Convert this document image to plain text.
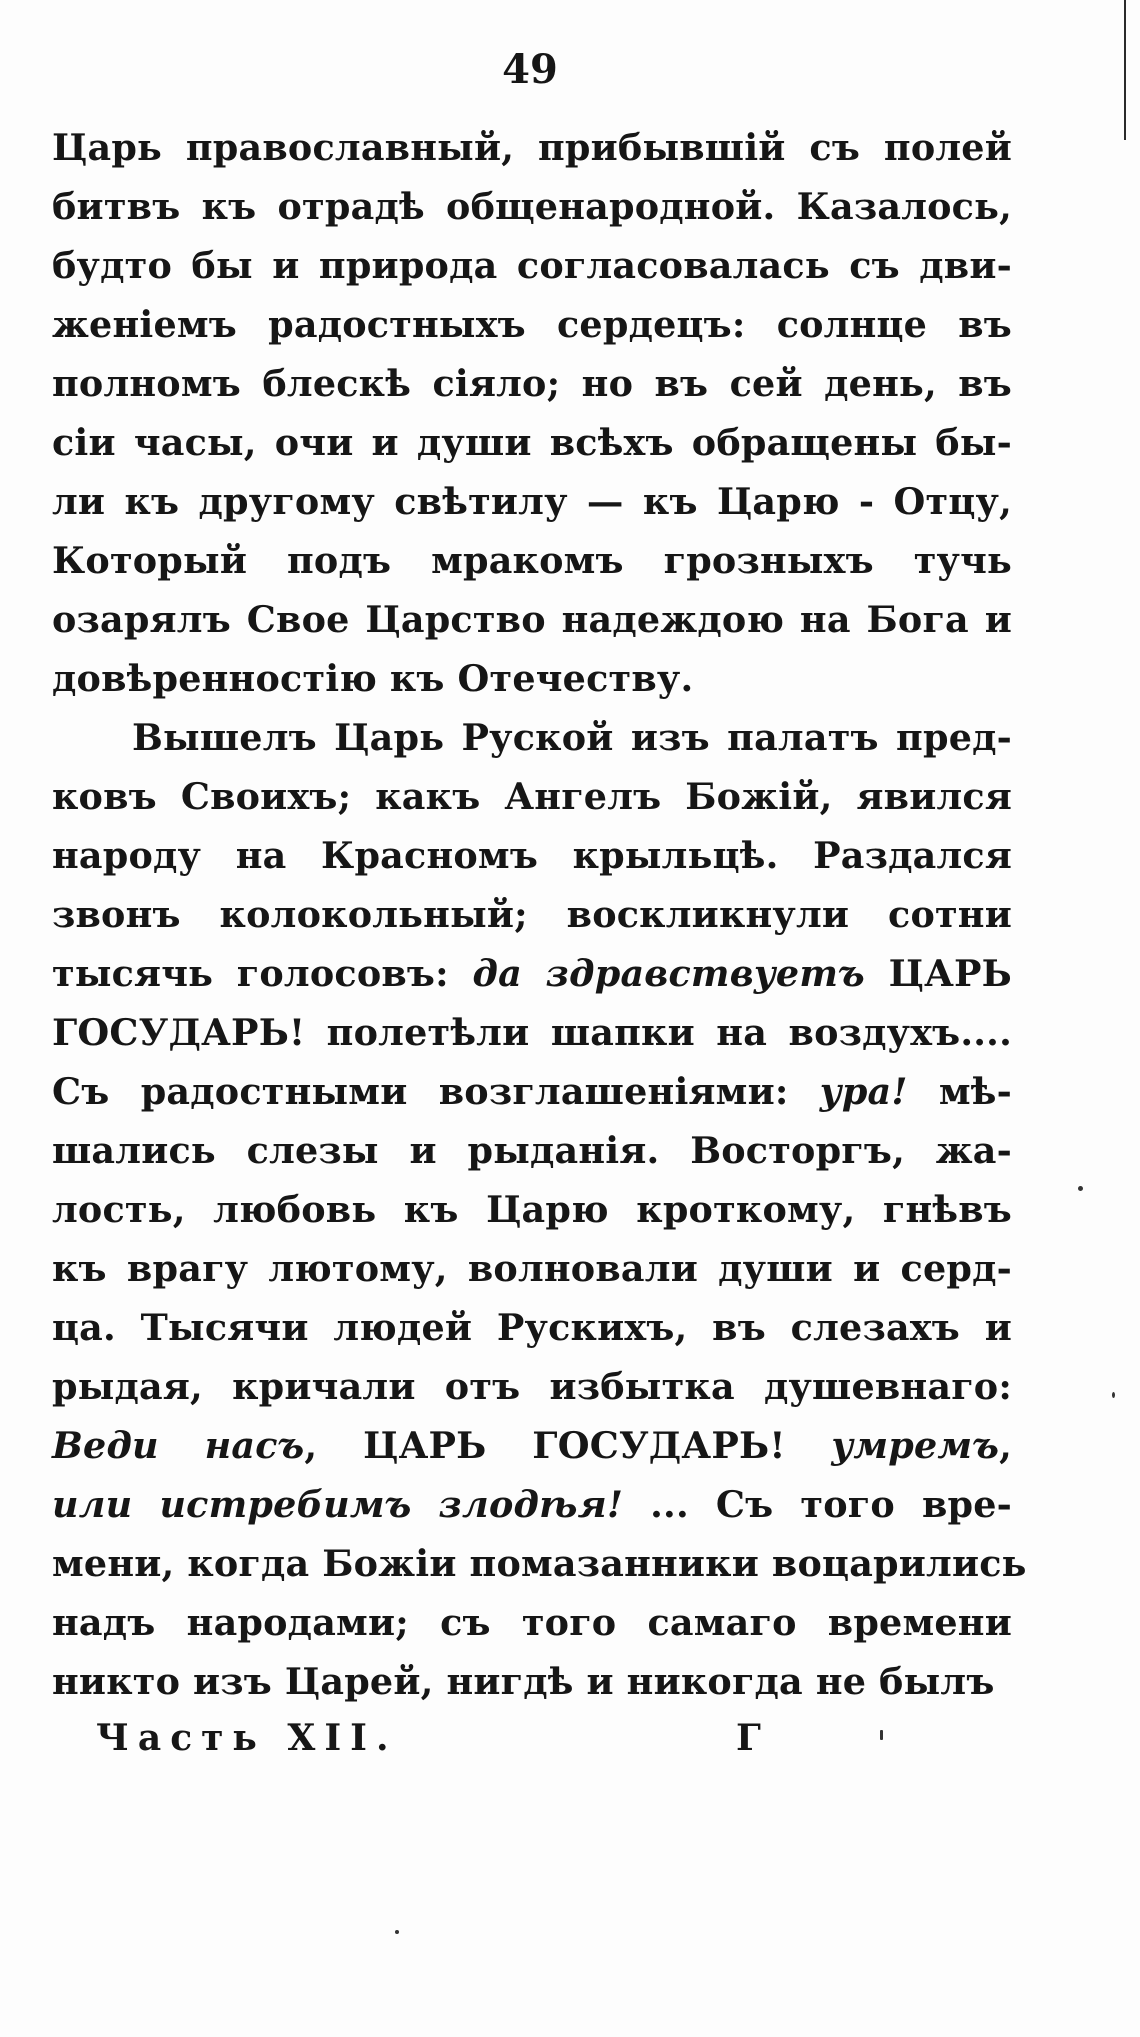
49
Царь православный, прибывшій съ полей
битвъ къ отрадѣ общенародной. Казалось,
будто бы и природа согласовалась съ дви-
женіемъ радостныхъ сердецъ: солнце въ
полномъ блескѣ сіяло; но въ сей день, въ
сіи часы, очи и души всѣхъ обращены бы-
ли къ другому свѣтилу — къ Царю - Отцу,
Который подъ мракомъ грозныхъ тучь
озарялъ Свое Царство надеждою на Бога и
довѣренностію къ Отечеству.
Вышелъ Царь Руской изъ палатъ пред-
ковъ Своихъ; какъ Ангелъ Божій, явился
народу на Красномъ крыльцѣ. Раздался
звонъ колокольный; воскликнули сотни
тысячь голосовъ: да здравствуетъ ЦАРЬ
ГОСУДАРЬ! полетѣли шапки на воздухъ....
Съ радостными возглашеніями: ура! мѣ-
шались слезы и рыданія. Восторгъ, жа-
лость, любовь къ Царю кроткому, гнѣвъ
къ врагу лютому, волновали души и серд-
ца. Тысячи людей Рускихъ, въ слезахъ и
рыдая, кричали отъ избытка душевнаго:
Веди насъ, ЦАРЬ ГОСУДАРЬ! умремъ,
или истребимъ злодѣя! ... Съ того вре-
мени, когда Божіи помазанники воцарились
надъ народами; съ того самаго времени
никто изъ Царей, нигдѣ и никогда не былъ
Часть XII.	Г
